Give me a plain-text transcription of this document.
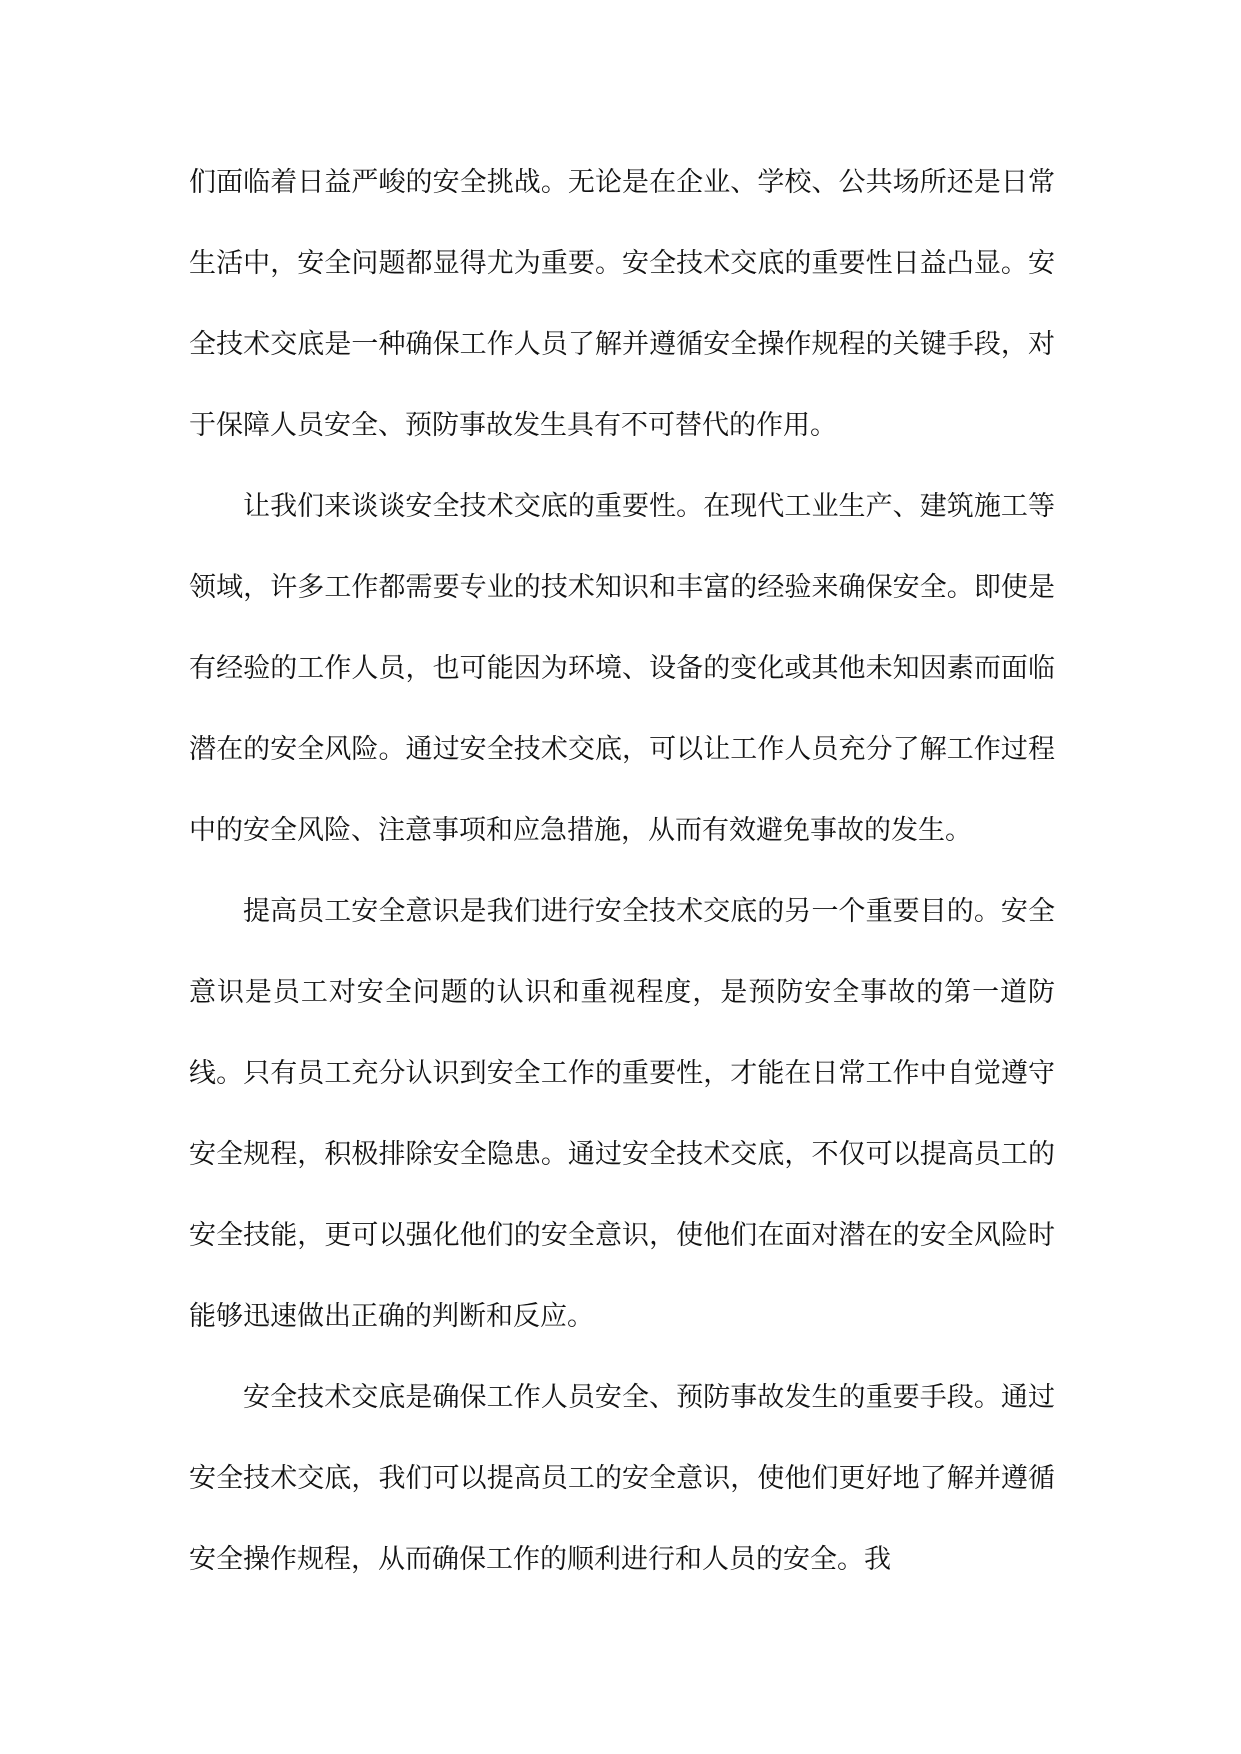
们面临着日益严峻的安全挑战。无论是在企业、学校、公共场所还是日常生活中，安全问题都显得尤为重要。安全技术交底的重要性日益凸显。安全技术交底是一种确保工作人员了解并遵循安全操作规程的关键手段，对于保障人员安全、预防事故发生具有不可替代的作用。

让我们来谈谈安全技术交底的重要性。在现代工业生产、建筑施工等领域，许多工作都需要专业的技术知识和丰富的经验来确保安全。即使是有经验的工作人员，也可能因为环境、设备的变化或其他未知因素而面临潜在的安全风险。通过安全技术交底，可以让工作人员充分了解工作过程中的安全风险、注意事项和应急措施，从而有效避免事故的发生。

提高员工安全意识是我们进行安全技术交底的另一个重要目的。安全意识是员工对安全问题的认识和重视程度，是预防安全事故的第一道防线。只有员工充分认识到安全工作的重要性，才能在日常工作中自觉遵守安全规程，积极排除安全隐患。通过安全技术交底，不仅可以提高员工的安全技能，更可以强化他们的安全意识，使他们在面对潜在的安全风险时能够迅速做出正确的判断和反应。

安全技术交底是确保工作人员安全、预防事故发生的重要手段。通过安全技术交底，我们可以提高员工的安全意识，使他们更好地了解并遵循安全操作规程，从而确保工作的顺利进行和人员的安全。我
